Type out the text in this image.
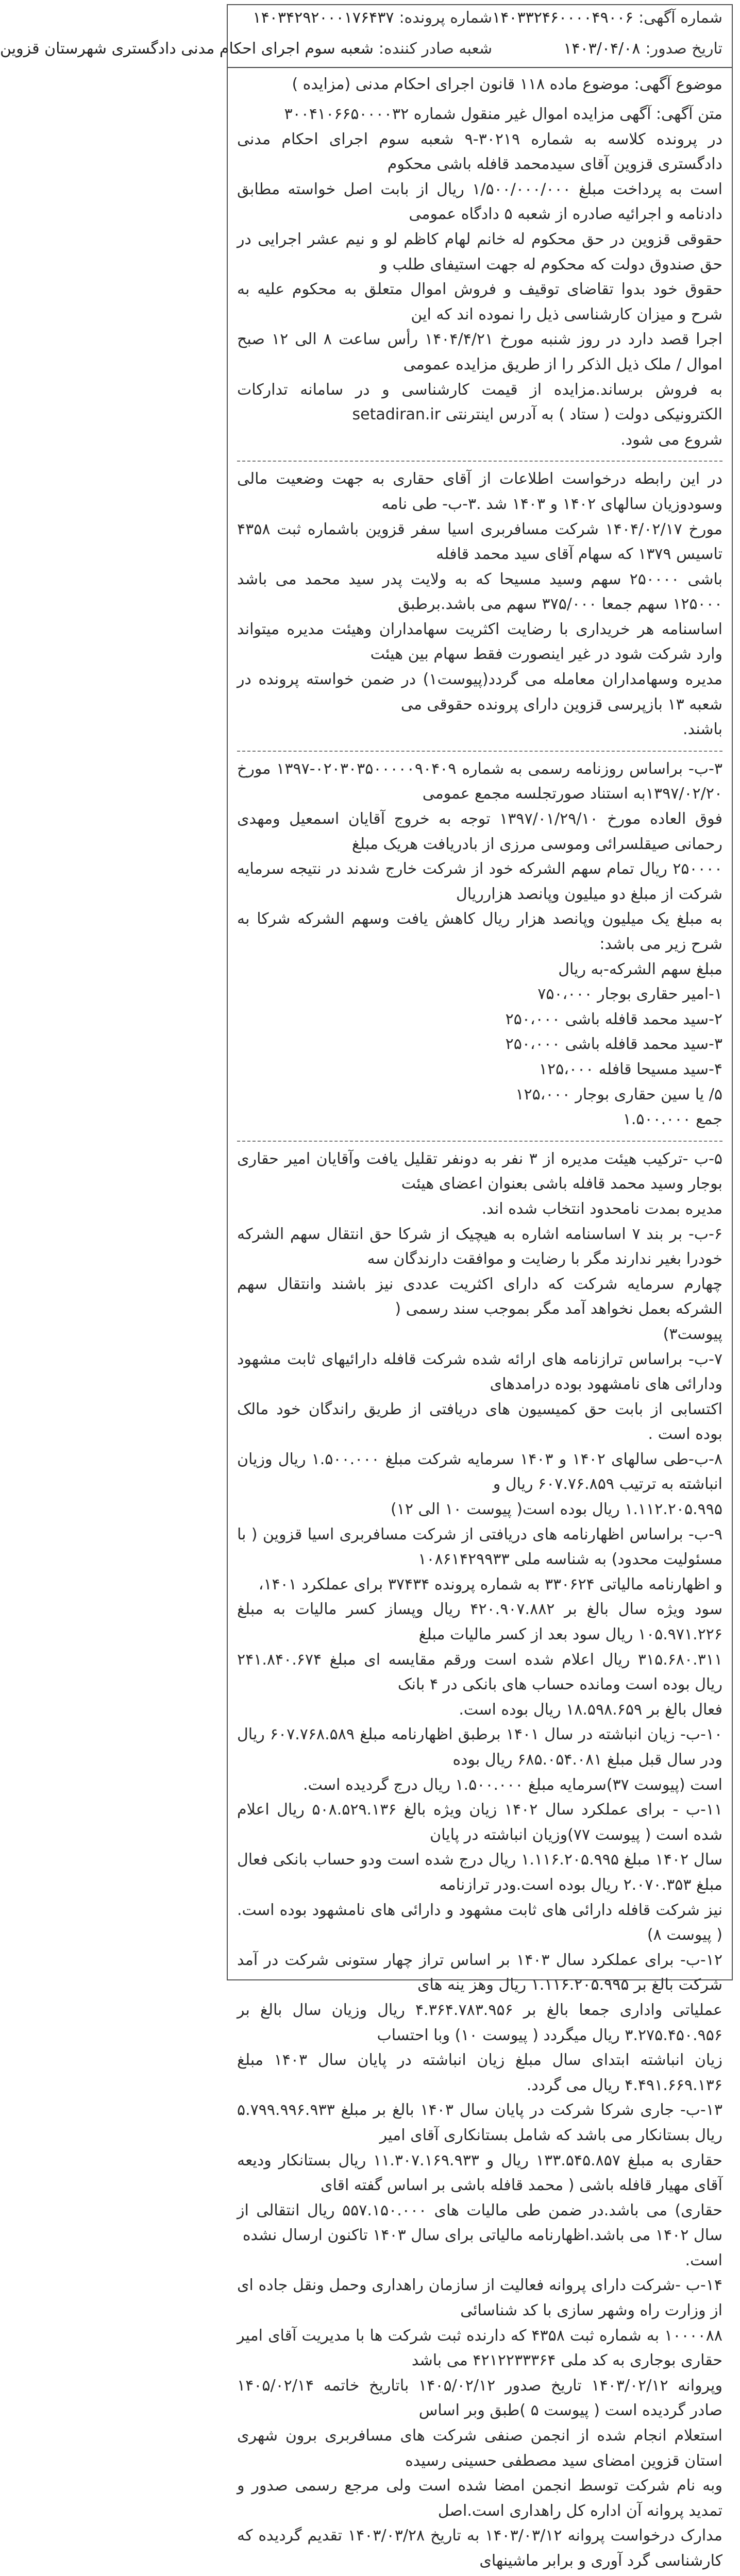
شماره آگهی:
۱۴۰۳۳۲۴۶۰۰۰۰۴۹۰۰۶
تاریخ صدور:
۱۴۰۳/۰۴/۰۸
شماره پرونده:
۱۴۰۳۴۲۹۲۰۰۰۱۷۶۴۳۷
شعبه صادر کننده:
شعبه سوم اجرای احکام مدنی دادگستری شهرستان قزوین
موضوع آگهی: موضوع ماده ۱۱۸ قانون اجرای احکام مدنی (مزایده )

متن آگهی: آگهی مزایده اموال غیر منقول شماره ۳۰۰۴۱۰۶۶۵۰۰۰۰۳۲

در پرونده کلاسه به شماره ۳۰۲۱۹-۹ شعبه سوم اجرای احکام مدنی دادگستری قزوین آقای سیدمحمد قافله باشی محکوم

است به پرداخت مبلغ ۱/۵۰۰/۰۰۰/۰۰۰ ریال از بابت اصل خواسته مطابق دادنامه و اجرائیه صادره از شعبه ۵ دادگاه عمومی

حقوقی قزوین در حق محکوم له خانم لهام کاظم لو و نیم عشر اجرایی در حق صندوق دولت که محکوم له جهت استیفای طلب و

حقوق خود بدوا تقاضای توقیف و فروش اموال متعلق به محکوم علیه به شرح و میزان کارشناسی ذیل را نموده اند که این

اجرا قصد دارد در روز شنبه مورخ ۱۴۰۴/۴/۲۱ رأس ساعت ۸ الی ۱۲ صبح اموال / ملک ذیل الذکر را از طریق مزایده عمومی

به فروش برساند.مزایده از قیمت کارشناسی و در سامانه تدارکات الکترونیکی دولت ( ستاد ) به آدرس اینترنتی setadiran.ir

شروع می شود.

در این رابطه درخواست اطلاعات از آقای حقاری به جهت وضعیت مالی وسودوزیان سالهای ۱۴۰۲ و ۱۴۰۳ شد .۳-ب- طی نامه

مورخ ۱۴۰۴/۰۲/۱۷ شرکت مسافربری اسیا سفر قزوین باشماره ثبت ۴۳۵۸ تاسیس ۱۳۷۹ که سهام آقای سید محمد قافله

باشی ۲۵۰۰۰۰ سهم وسید مسیحا که به ولایت پدر سید محمد می باشد ۱۲۵۰۰۰ سهم جمعا ۳۷۵/۰۰۰ سهم می باشد.برطبق

اساسنامه هر خریداری با رضایت اکثریت سهامداران وهیئت مدیره میتواند وارد شرکت شود در غیر اینصورت فقط سهام بین هیئت

مدیره وسهامداران معامله می گردد(پیوست۱) در ضمن خواسته پرونده در شعبه ۱۳ بازپرسی قزوین دارای پرونده حقوقی می

باشند.

۳-ب- براساس روزنامه رسمی به شماره ۰۲۰۳۰۳۵۰۰۰۰۰۹۰۴۰۹-۱۳۹۷ مورخ ۱۳۹۷/۰۲/۲۰به استناد صورتجلسه مجمع عمومی

فوق العاده مورخ ۱۳۹۷/۰۱/۲۹/۱۰ توجه به خروج آقایان اسمعیل ومهدی رحمانی صیقلسرائی وموسی مرزی از بادریافت هریک مبلغ

۲۵۰۰۰۰ ریال تمام سهم الشرکه خود از شرکت خارج شدند در نتیجه سرمایه شرکت از مبلغ دو میلیون وپانصد هزارریال

به مبلغ یک میلیون وپانصد هزار ریال کاهش یافت وسهم الشرکه شرکا به شرح زیر می باشد:

مبلغ سهم الشرکه-به ریال

۱-امیر حقاری بوجار ۷۵۰،۰۰۰

۲-سید محمد قافله باشی ۲۵۰،۰۰۰

۳-سید محمد قافله باشی ۲۵۰،۰۰۰

۴-سید مسیحا قافله ۱۲۵،۰۰۰

۵/ یا سین حقاری بوجار ۱۲۵،۰۰۰

جمع ۱.۵۰۰.۰۰۰

۵-ب -ترکیب هیئت مدیره از ۳ نفر به دونفر تقلیل یافت وآقایان امیر حقاری بوجار وسید محمد قافله باشی بعنوان اعضای هیئت

مدیره بمدت نامحدود انتخاب شده اند.

۶-ب- بر بند ۷ اساسنامه اشاره به هیچیک از شرکا حق انتقال سهم الشرکه خودرا بغیر ندارند مگر با رضایت و موافقت دارندگان سه

چهارم سرمایه شرکت که دارای اکثریت عددی نیز باشند وانتقال سهم الشرکه بعمل نخواهد آمد مگر بموجب سند رسمی (

پیوست۳)

۷-ب- براساس ترازنامه های ارائه شده شرکت قافله دارائیهای ثابت مشهود ودارائی های نامشهود بوده درامدهای

اکتسابی از بابت حق کمیسیون های دریافتی از طریق راندگان خود مالک بوده است .

۸-ب-طی سالهای ۱۴۰۲ و ۱۴۰۳ سرمایه شرکت مبلغ ۱.۵۰۰.۰۰۰ ریال وزیان انباشته به ترتیب ۶۰۷.۷۶.۸۵۹ ریال و

۱.۱۱۲.۲۰۵.۹۹۵ ریال بوده است( پیوست ۱۰ الی ۱۲)

۹-ب- براساس اظهارنامه های دریافتی از شرکت مسافربری اسیا قزوین ( با مسئولیت محدود) به شناسه ملی ۱۰۸۶۱۴۲۹۹۳۳

و اظهارنامه مالیاتی ۳۳۰۶۲۴ به شماره پرونده ۳۷۴۳۴ برای عملکرد ۱۴۰۱،

سود ویژه سال بالغ بر ۴۲۰.۹۰۷.۸۸۲ ریال وپساز کسر مالیات به مبلغ ۱۰۵.۹۷۱.۲۲۶ ریال سود بعد از کسر مالیات مبلغ

۳۱۵.۶۸۰.۳۱۱ ریال اعلام شده است ورقم مقایسه ای مبلغ ۲۴۱.۸۴۰.۶۷۴ ریال بوده است ومانده حساب های بانکی در ۴ بانک

فعال بالغ بر ۱۸.۵۹۸.۶۵۹ ریال بوده است.

۱۰-ب- زیان انباشته در سال ۱۴۰۱ برطبق اظهارنامه مبلغ ۶۰۷.۷۶۸.۵۸۹ ریال ودر سال قبل مبلغ ۶۸۵.۰۵۴.۰۸۱ ریال بوده

است (پیوست ۳۷)سرمایه مبلغ ۱.۵۰۰.۰۰۰ ریال درج گردیده است.

۱۱-ب - برای عملکرد سال ۱۴۰۲ زیان ویژه بالغ ۵۰۸.۵۲۹.۱۳۶ ریال اعلام شده است ( پیوست ۷۷)وزیان انباشته در پایان

سال ۱۴۰۲ مبلغ ۱.۱۱۶.۲۰۵.۹۹۵ ریال درج شده است ودو حساب بانکی فعال مبلغ ۲.۰۷۰.۳۵۳ ریال بوده است.ودر ترازنامه

نیز شرکت قافله دارائی های ثابت مشهود و دارائی های نامشهود بوده است.( پیوست ۸)

۱۲-ب- برای عملکرد سال ۱۴۰۳ بر اساس تراز چهار ستونی شرکت در آمد شرکت بالغ بر ۱.۱۱۶.۲۰۵.۹۹۵ ریال وهز ینه های

عملیاتی واداری جمعا بالغ بر ۴.۳۶۴.۷۸۳.۹۵۶ ریال وزیان سال بالغ بر ۳.۲۷۵.۴۵۰.۹۵۶ ریال میگردد ( پیوست ۱۰) وبا احتساب

زیان انباشته ابتدای سال مبلغ زیان انباشته در پایان سال ۱۴۰۳ مبلغ ۴.۴۹۱.۶۶۹.۱۳۶ ریال می گردد.

۱۳-ب- جاری شرکا شرکت در پایان سال ۱۴۰۳ بالغ بر مبلغ ۵.۷۹۹.۹۹۶.۹۳۳ ریال بستانکار می باشد که شامل بستانکاری آقای امیر

حقاری به مبلغ ۱۳۳.۵۴۵.۸۵۷ ریال و ۱۱.۳۰۷.۱۶۹.۹۳۳ ریال بستانکار ودیعه آقای مهیار قافله باشی ( محمد قافله باشی بر اساس گفته اقای

حقاری) می باشد.در ضمن طی مالیات های ۵۵۷.۱۵۰.۰۰۰ ریال انتقالی از سال ۱۴۰۲ می باشد.اظهارنامه مالیاتی برای سال ۱۴۰۳ تاکنون ارسال نشده

است.

۱۴-ب -شرکت دارای پروانه فعالیت از سازمان راهداری وحمل ونقل جاده ای از وزارت راه وشهر سازی با کد شناسائی

۱۰۰۰۰۸۸ به شماره ثبت ۴۳۵۸ که دارنده ثبت شرکت ها با مدیریت آقای امیر حقاری بوجاری به کد ملی ۴۲۱۲۲۳۳۳۶۴ می باشد

وپروانه ۱۴۰۳/۰۲/۱۲ تاریخ صدور ۱۴۰۵/۰۲/۱۲ باتاریخ خاتمه ۱۴۰۵/۰۲/۱۴ صادر گردیده است ( پیوست ۵ )طبق وبر اساس

استعلام انجام شده از انجمن صنفی شرکت های مسافربری برون شهری استان قزوین امضای سید مصطفی حسینی رسیده

وبه نام شرکت توسط انجمن امضا شده است ولی مرجع رسمی صدور و تمدید پروانه آن اداره کل راهداری است.اصل

مدارک درخواست پروانه ۱۴۰۳/۰۳/۱۲ به تاریخ ۱۴۰۳/۰۳/۲۸ تقدیم گردیده که کارشناسی گرد آوری و برابر ماشینهای
